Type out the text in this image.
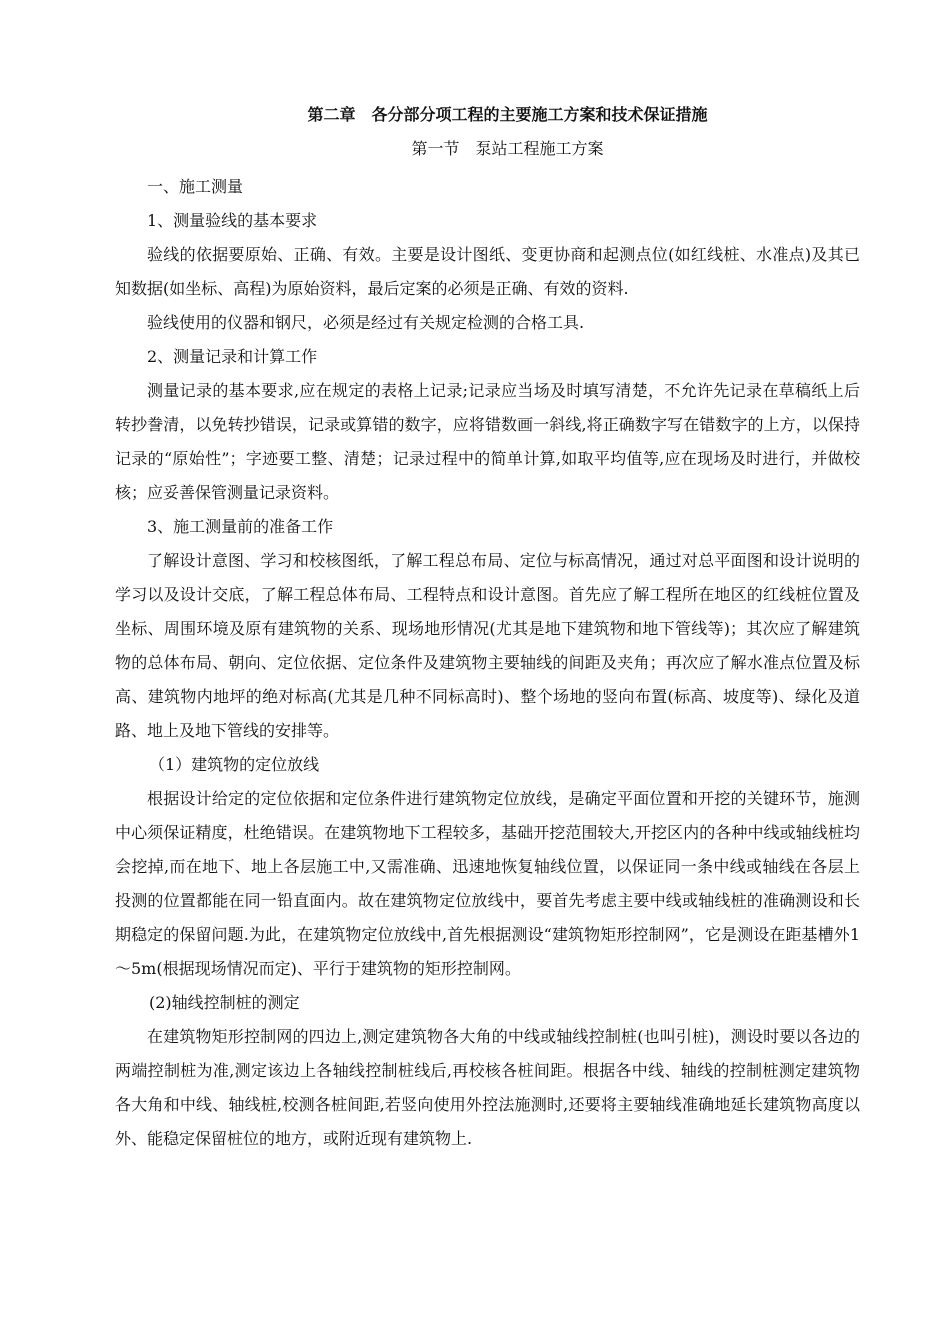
第二章　各分部分项工程的主要施工方案和技术保证措施
第一节　泵站工程施工方案

一、施工测量

1、测量验线的基本要求

验线的依据要原始、正确、有效。主要是设计图纸、变更协商和起测点位(如红线桩、水准点)及其已知数据(如坐标、高程)为原始资料，最后定案的必须是正确、有效的资料.

验线使用的仪器和钢尺，必须是经过有关规定检测的合格工具.

2、测量记录和计算工作

测量记录的基本要求,应在规定的表格上记录;记录应当场及时填写清楚，不允许先记录在草稿纸上后转抄誊清，以免转抄错误，记录或算错的数字，应将错数画一斜线,将正确数字写在错数字的上方，以保持记录的“原始性”；字迹要工整、清楚；记录过程中的简单计算,如取平均值等,应在现场及时进行，并做校核；应妥善保管测量记录资料。

3、施工测量前的准备工作

了解设计意图、学习和校核图纸，了解工程总布局、定位与标高情况，通过对总平面图和设计说明的学习以及设计交底，了解工程总体布局、工程特点和设计意图。首先应了解工程所在地区的红线桩位置及坐标、周围环境及原有建筑物的关系、现场地形情况(尤其是地下建筑物和地下管线等)；其次应了解建筑物的总体布局、朝向、定位依据、定位条件及建筑物主要轴线的间距及夹角；再次应了解水准点位置及标高、建筑物内地坪的绝对标高(尤其是几种不同标高时)、整个场地的竖向布置(标高、坡度等)、绿化及道路、地上及地下管线的安排等。

（1）建筑物的定位放线

根据设计给定的定位依据和定位条件进行建筑物定位放线，是确定平面位置和开挖的关键环节，施测中心须保证精度，杜绝错误。在建筑物地下工程较多，基础开挖范围较大,开挖区内的各种中线或轴线桩均会挖掉,而在地下、地上各层施工中,又需准确、迅速地恢复轴线位置，以保证同一条中线或轴线在各层上投测的位置都能在同一铅直面内。故在建筑物定位放线中，要首先考虑主要中线或轴线桩的准确测设和长期稳定的保留问题.为此，在建筑物定位放线中,首先根据测设“建筑物矩形控制网”，它是测设在距基槽外1～5m(根据现场情况而定)、平行于建筑物的矩形控制网。

(2)轴线控制桩的测定

在建筑物矩形控制网的四边上,测定建筑物各大角的中线或轴线控制桩(也叫引桩)，测设时要以各边的两端控制桩为准,测定该边上各轴线控制桩线后,再校核各桩间距。根据各中线、轴线的控制桩测定建筑物各大角和中线、轴线桩,校测各桩间距,若竖向使用外控法施测时,还要将主要轴线准确地延长建筑物高度以外、能稳定保留桩位的地方，或附近现有建筑物上.
